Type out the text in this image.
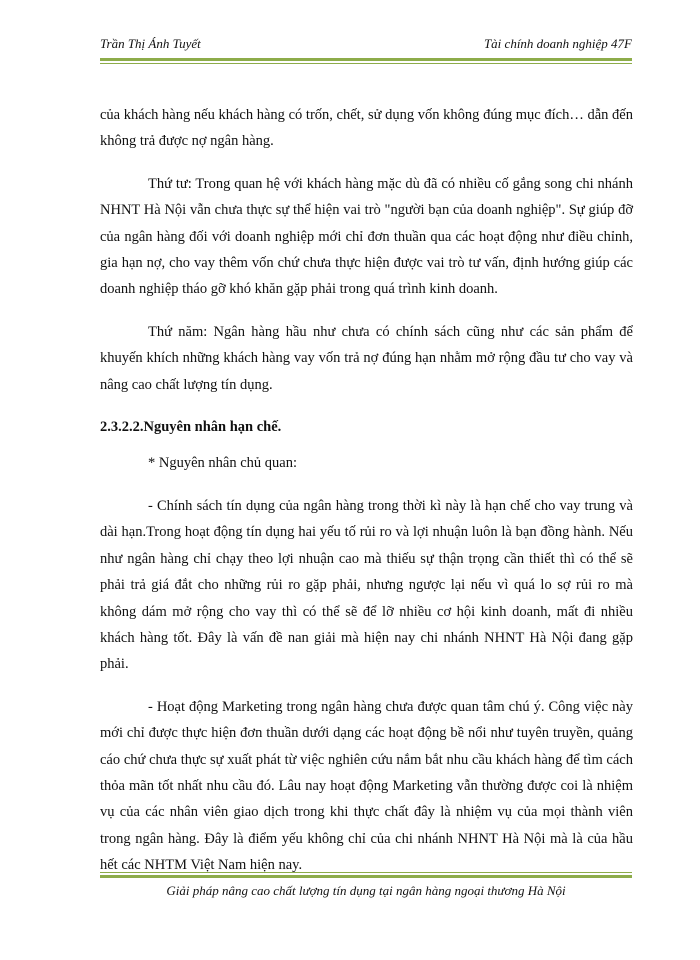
Trần Thị Ánh Tuyết	Tài chính doanh nghiệp 47F

của khách hàng nếu khách hàng có trốn, chết, sử dụng vốn không đúng mục đích… dẫn đến không trả được nợ ngân hàng.

Thứ tư: Trong quan hệ với khách hàng mặc dù đã có nhiều cố gắng song chi nhánh NHNT Hà Nội vẫn chưa thực sự thể hiện vai trò "người bạn của doanh nghiệp". Sự giúp đỡ của ngân hàng đối với doanh nghiệp mới chỉ đơn thuần qua các hoạt động như điều chỉnh, gia hạn nợ, cho vay thêm vốn chứ chưa thực hiện được vai trò tư vấn, định hướng giúp các doanh nghiệp tháo gỡ khó khăn gặp phải trong quá trình kinh doanh.

Thứ năm: Ngân hàng hầu như chưa có chính sách cũng như các sản phẩm để khuyến khích những khách hàng vay vốn trả nợ đúng hạn nhằm mở rộng đầu tư cho vay và nâng cao chất lượng tín dụng.

2.3.2.2.Nguyên nhân hạn chế.

* Nguyên nhân chủ quan:

- Chính sách tín dụng của ngân hàng trong thời kì này là hạn chế cho vay trung và dài hạn.Trong hoạt động tín dụng hai yếu tố rủi ro và lợi nhuận luôn là bạn đồng hành. Nếu như ngân hàng chỉ chạy theo lợi nhuận cao mà thiếu sự thận trọng cần thiết thì có thể sẽ phải trả giá đắt cho những rủi ro gặp phải, nhưng ngược lại nếu vì quá lo sợ rủi ro mà không dám mở rộng cho vay thì có thể sẽ để lỡ nhiều cơ hội kinh doanh, mất đi nhiều khách hàng tốt. Đây là vấn đề nan giải mà hiện nay chi nhánh NHNT Hà Nội đang gặp phải.

- Hoạt động Marketing trong ngân hàng chưa được quan tâm chú ý. Công việc này mới chỉ được thực hiện đơn thuần dưới dạng các hoạt động bề nổi như tuyên truyền, quảng cáo chứ chưa thực sự xuất phát từ việc nghiên cứu nắm bắt nhu cầu khách hàng để tìm cách thỏa mãn tốt nhất nhu cầu đó. Lâu nay hoạt động Marketing vẫn thường được coi là nhiệm vụ của các nhân viên giao dịch trong khi thực chất đây là nhiệm vụ của mọi thành viên trong ngân hàng. Đây là điểm yếu không chỉ của chi nhánh NHNT Hà Nội mà là của hầu hết các NHTM Việt Nam hiện nay.

Giải pháp nâng cao chất lượng tín dụng tại ngân hàng ngoại thương Hà Nội
